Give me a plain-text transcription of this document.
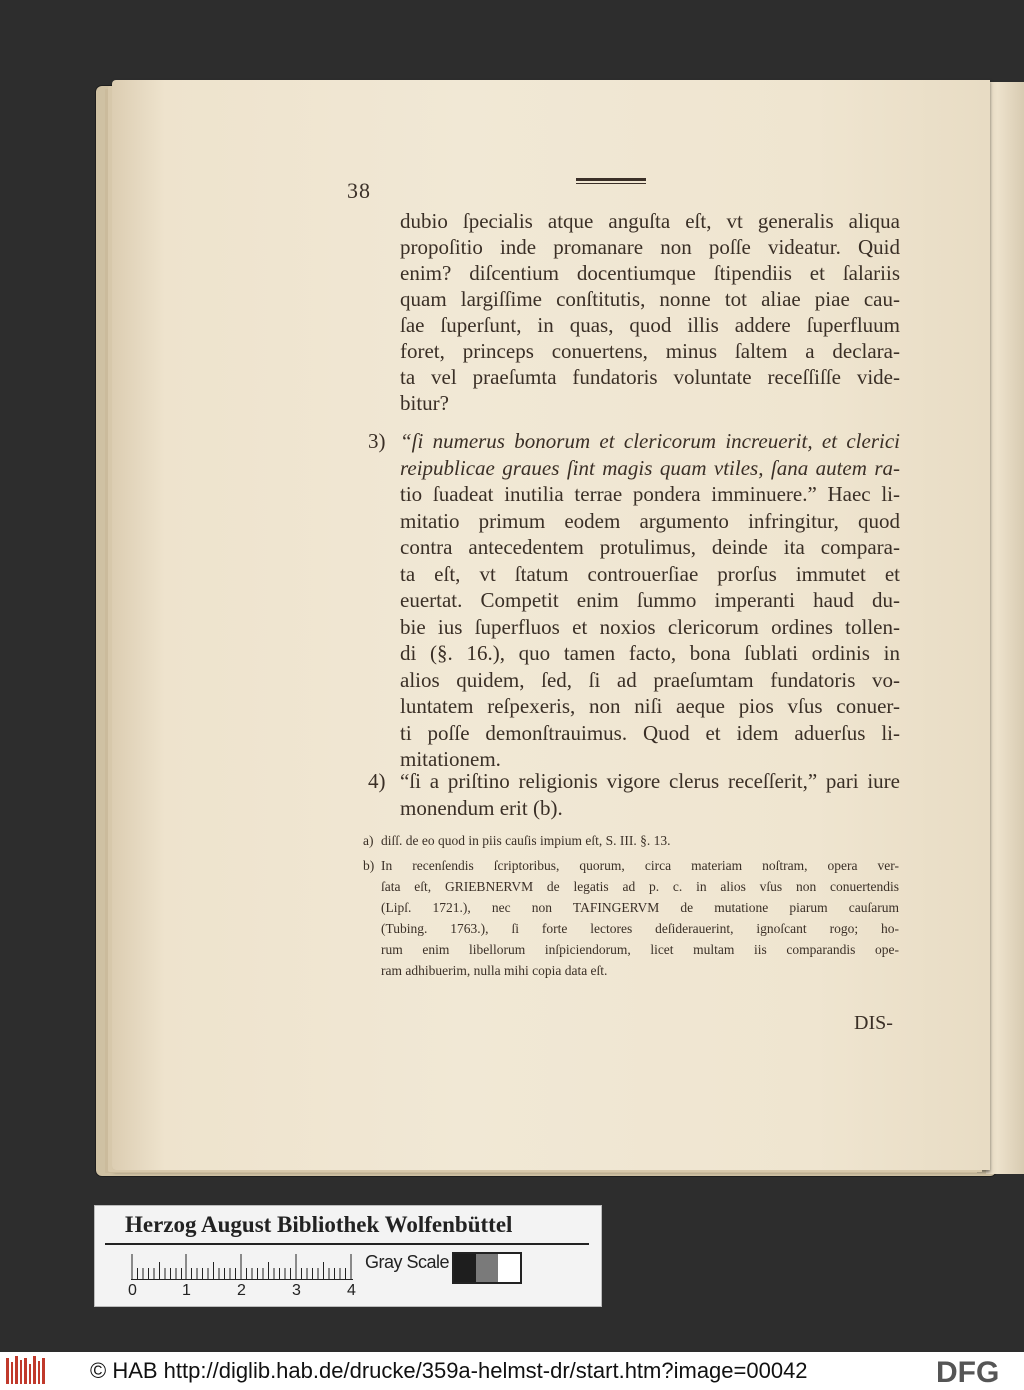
38
dubio ſpecialis atque anguſta eſt, vt generalis aliqua
propoſitio inde promanare non poſſe videatur. Quid
enim? diſcentium docentiumque ſtipendiis et ſalariis
quam largiſſime conſtitutis, nonne tot aliae piae cau-
ſae ſuperſunt, in quas, quod illis addere ſuperfluum
foret, princeps conuertens, minus ſaltem a declara-
ta vel praeſumta fundatoris voluntate receſſiſſe vide-
bitur?
3) “ſi numerus bonorum et clericorum increuerit, et clerici
reipublicae graues ſint magis quam vtiles, ſana autem ra-
tio ſuadeat inutilia terrae pondera imminuere.” Haec li-
mitatio primum eodem argumento infringitur, quod
contra antecedentem protulimus, deinde ita compara-
ta eſt, vt ſtatum controuerſiae prorſus immutet et
euertat. Competit enim ſummo imperanti haud du-
bie ius ſuperfluos et noxios clericorum ordines tollen-
di (§. 16.), quo tamen facto, bona ſublati ordinis in
alios quidem, ſed, ſi ad praeſumtam fundatoris vo-
luntatem reſpexeris, non niſi aeque pios vſus conuer-
ti poſſe demonſtrauimus. Quod et idem aduerſus li-
mitationem.
4) “ſi a priſtino religionis vigore clerus receſſerit,” pari iure
monendum erit (b).
a) diſſ. de eo quod in piis cauſis impium eſt, S. III. §. 13.
b) In recenſendis ſcriptoribus, quorum, circa materiam noſtram, opera ver-
ſata eſt, GRIEBNERVM de legatis ad p. c. in alios vſus non conuertendis
(Lipſ. 1721.), nec non TAFINGERVM de mutatione piarum cauſarum
(Tubing. 1763.), ſi forte lectores deſiderauerint, ignoſcant rogo; ho-
rum enim libellorum inſpiciendorum, licet multam iis comparandis ope-
ram adhibuerim, nulla mihi copia data eſt.
DIS-
Herzog August Bibliothek Wolfenbüttel
0	1	2	3	4
Gray Scale
© HAB http://diglib.hab.de/drucke/359a-helmst-dr/start.htm?image=00042	DFG
